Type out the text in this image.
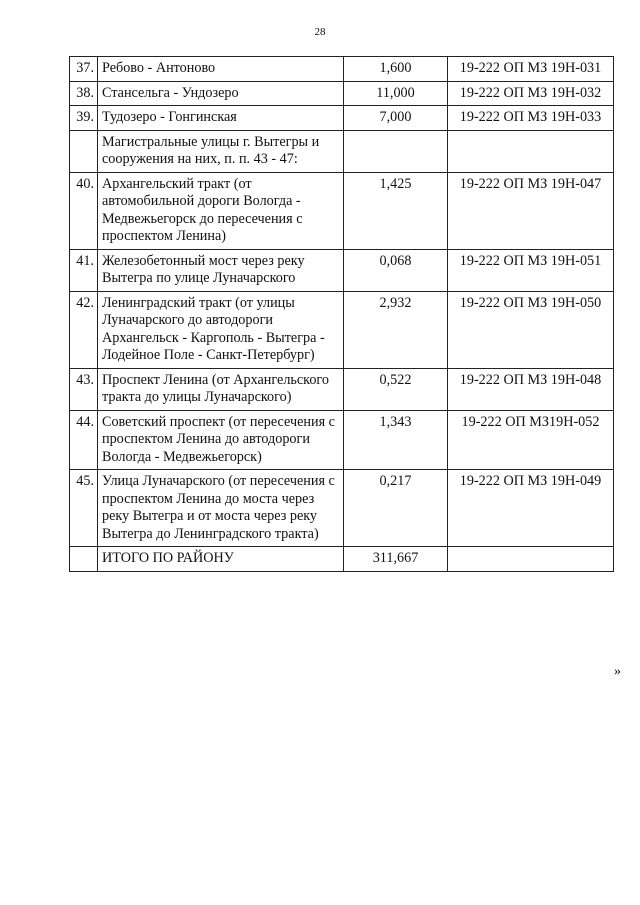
28
37.	Ребово - Антоново	1,600	19-222 ОП МЗ 19Н-031
38.	Стансельга - Ундозеро	11,000	19-222 ОП МЗ 19Н-032
39.	Тудозеро - Гонгинская	7,000	19-222 ОП МЗ 19Н-033
	Магистральные улицы г. Вытегры и сооружения на них, п. п. 43 - 47:		
40.	Архангельский тракт (от автомобильной дороги Вологда - Медвежьегорск до пересечения с проспектом Ленина)	1,425	19-222 ОП МЗ 19Н-047
41.	Железобетонный мост через реку Вытегра по улице Луначарского	0,068	19-222 ОП МЗ 19Н-051
42.	Ленинградский тракт (от улицы Луначарского до автодороги Архангельск - Каргополь - Вытегра - Лодейное Поле - Санкт-Петербург)	2,932	19-222 ОП МЗ 19Н-050
43.	Проспект Ленина (от Архангельского тракта до улицы Луначарского)	0,522	19-222 ОП МЗ 19Н-048
44.	Советский проспект (от пересечения с проспектом Ленина до автодороги Вологда - Медвежьегорск)	1,343	19-222 ОП МЗ19Н-052
45.	Улица Луначарского (от пересечения с проспектом Ленина до моста через реку Вытегра и от моста через реку Вытегра до Ленинградского тракта)	0,217	19-222 ОП МЗ 19Н-049
	ИТОГО ПО РАЙОНУ	311,667	
»
